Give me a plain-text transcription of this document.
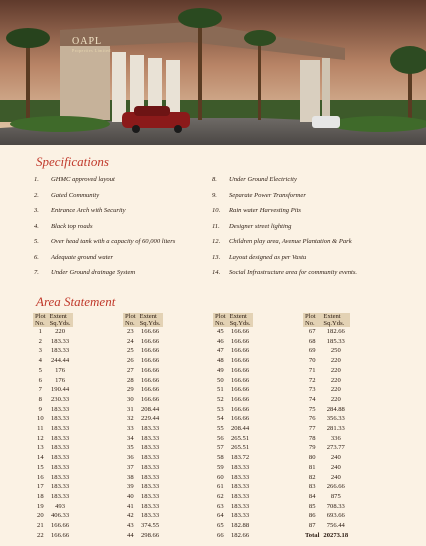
OAPL
Properties Limited
Specifications
1.	GHMC approved layout
2.	Gated Community
3.	Entrance Arch with Security
4.	Black top roads
5.	Over head tank with a capacity of 60,000 liters
6.	Adequate ground water
7.	Under Ground drainage System
8.	Under Ground Electricity
9.	Separate Power Transformer
10.	Rain water Harvesting Pits
11.	Designer street lighting
12.	Children play area, Avenue Plantation & Park
13.	Layout designed as per Vastu
14.	Social Infrastructure area for community events.
Area Statement
Plot No.	Extent Sq.Yds.
1	220
2	183.33
3	183.33
4	244.44
5	176
6	176
7	190.44
8	230.33
9	183.33
10	183.33
11	183.33
12	183.33
13	183.33
14	183.33
15	183.33
16	183.33
17	183.33
18	183.33
19	493
20	406.33
21	166.66
22	166.66
Plot No.	Extent Sq.Yds.
23	166.66
24	166.66
25	166.66
26	166.66
27	166.66
28	166.66
29	166.66
30	166.66
31	208.44
32	229.44
33	183.33
34	183.33
35	183.33
36	183.33
37	183.33
38	183.33
39	183.33
40	183.33
41	183.33
42	183.33
43	374.55
44	298.66
Plot No.	Extent Sq.Yds.
45	166.66
46	166.66
47	166.66
48	166.66
49	166.66
50	166.66
51	166.66
52	166.66
53	166.66
54	166.66
55	208.44
56	265.51
57	265.51
58	183.72
59	183.33
60	183.33
61	183.33
62	183.33
63	183.33
64	183.33
65	182.88
66	182.66
Plot No.	Extent Sq.Yds.
67	182.66
68	185.33
69	250
70	220
71	220
72	220
73	220
74	220
75	284.88
76	356.33
77	281.33
78	336
79	273.77
80	240
81	240
82	240
83	266.66
84	875
85	708.33
86	693.66
87	756.44
Total	20273.18
